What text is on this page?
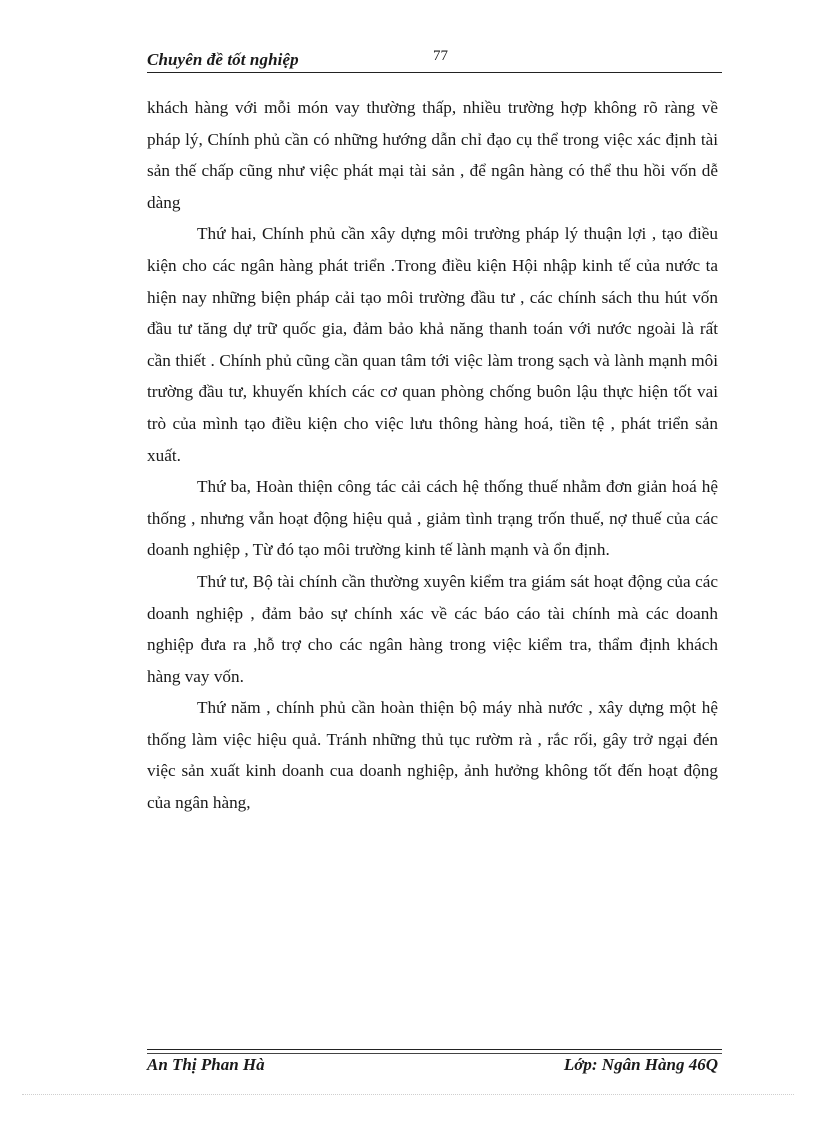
Chuyên đề tốt nghiệp	77

khách hàng với mỗi món vay thường thấp, nhiều trường hợp không rõ ràng về pháp lý, Chính phủ cần có những hướng dẫn chỉ đạo cụ thể trong việc xác định tài sản thế chấp cũng như việc phát mại tài sản , để ngân hàng có thể thu hồi vốn dễ dàng

Thứ hai, Chính phủ cần xây dựng môi trường pháp lý thuận lợi , tạo điều kiện cho các ngân hàng phát triển .Trong điều kiện Hội nhập kinh tế của nước ta hiện nay những biện pháp cải tạo môi trường đầu tư , các chính sách thu hút vốn đầu tư tăng dự trữ quốc gia, đảm bảo khả năng thanh toán với nước ngoài là rất cần thiết . Chính phủ cũng cần quan tâm tới việc làm trong sạch và lành mạnh môi trường đầu tư, khuyến khích các cơ quan phòng chống buôn lậu thực hiện tốt vai trò của mình tạo điều kiện cho việc lưu thông hàng hoá, tiền tệ , phát triển sản xuất.

Thứ ba, Hoàn thiện công tác cải cách hệ thống thuế nhằm đơn giản hoá hệ thống , nhưng vẫn hoạt động hiệu quả , giảm tình trạng trốn thuế, nợ thuế của các doanh nghiệp , Từ đó tạo môi trường kinh tế lành mạnh và ổn định.

Thứ tư, Bộ tài chính cần thường xuyên kiểm tra giám sát hoạt động của các doanh nghiệp , đảm bảo sự chính xác về các báo cáo tài chính mà các doanh nghiệp đưa ra ,hỗ trợ cho các ngân hàng trong việc kiểm tra, thẩm định khách hàng vay vốn.

Thứ năm , chính phủ cần hoàn thiện bộ máy nhà nước , xây dựng một hệ thống làm việc hiệu quả. Tránh những thủ tục rườm rà , rắc rối, gây trở ngại đén việc sản xuất kinh doanh cua doanh nghiệp, ảnh hưởng không tốt đến hoạt động của ngân hàng,

An Thị Phan Hà	Lớp: Ngân Hàng 46Q
